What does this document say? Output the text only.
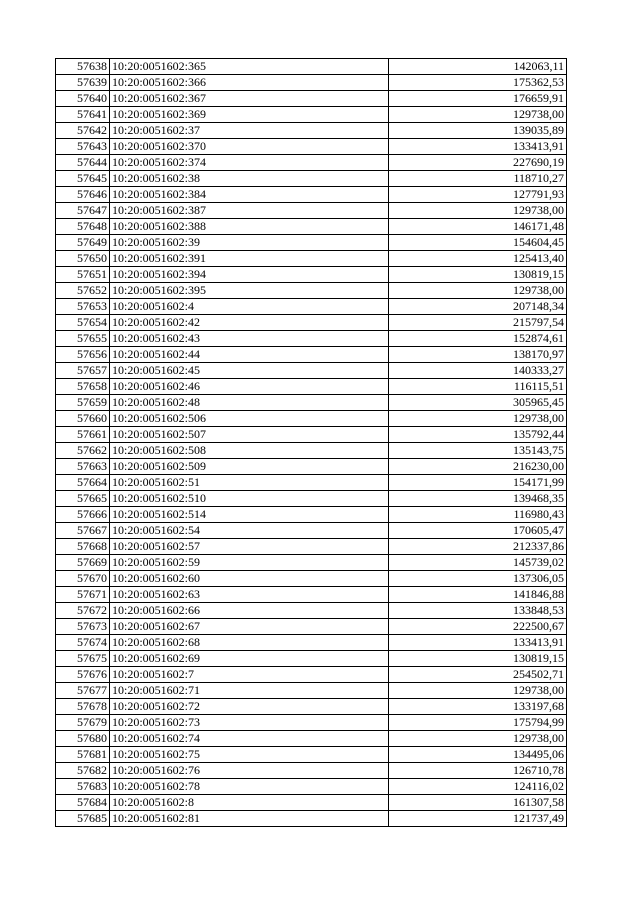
57638	10:20:0051602:365	142063,11
57639	10:20:0051602:366	175362,53
57640	10:20:0051602:367	176659,91
57641	10:20:0051602:369	129738,00
57642	10:20:0051602:37	139035,89
57643	10:20:0051602:370	133413,91
57644	10:20:0051602:374	227690,19
57645	10:20:0051602:38	118710,27
57646	10:20:0051602:384	127791,93
57647	10:20:0051602:387	129738,00
57648	10:20:0051602:388	146171,48
57649	10:20:0051602:39	154604,45
57650	10:20:0051602:391	125413,40
57651	10:20:0051602:394	130819,15
57652	10:20:0051602:395	129738,00
57653	10:20:0051602:4	207148,34
57654	10:20:0051602:42	215797,54
57655	10:20:0051602:43	152874,61
57656	10:20:0051602:44	138170,97
57657	10:20:0051602:45	140333,27
57658	10:20:0051602:46	116115,51
57659	10:20:0051602:48	305965,45
57660	10:20:0051602:506	129738,00
57661	10:20:0051602:507	135792,44
57662	10:20:0051602:508	135143,75
57663	10:20:0051602:509	216230,00
57664	10:20:0051602:51	154171,99
57665	10:20:0051602:510	139468,35
57666	10:20:0051602:514	116980,43
57667	10:20:0051602:54	170605,47
57668	10:20:0051602:57	212337,86
57669	10:20:0051602:59	145739,02
57670	10:20:0051602:60	137306,05
57671	10:20:0051602:63	141846,88
57672	10:20:0051602:66	133848,53
57673	10:20:0051602:67	222500,67
57674	10:20:0051602:68	133413,91
57675	10:20:0051602:69	130819,15
57676	10:20:0051602:7	254502,71
57677	10:20:0051602:71	129738,00
57678	10:20:0051602:72	133197,68
57679	10:20:0051602:73	175794,99
57680	10:20:0051602:74	129738,00
57681	10:20:0051602:75	134495,06
57682	10:20:0051602:76	126710,78
57683	10:20:0051602:78	124116,02
57684	10:20:0051602:8	161307,58
57685	10:20:0051602:81	121737,49
